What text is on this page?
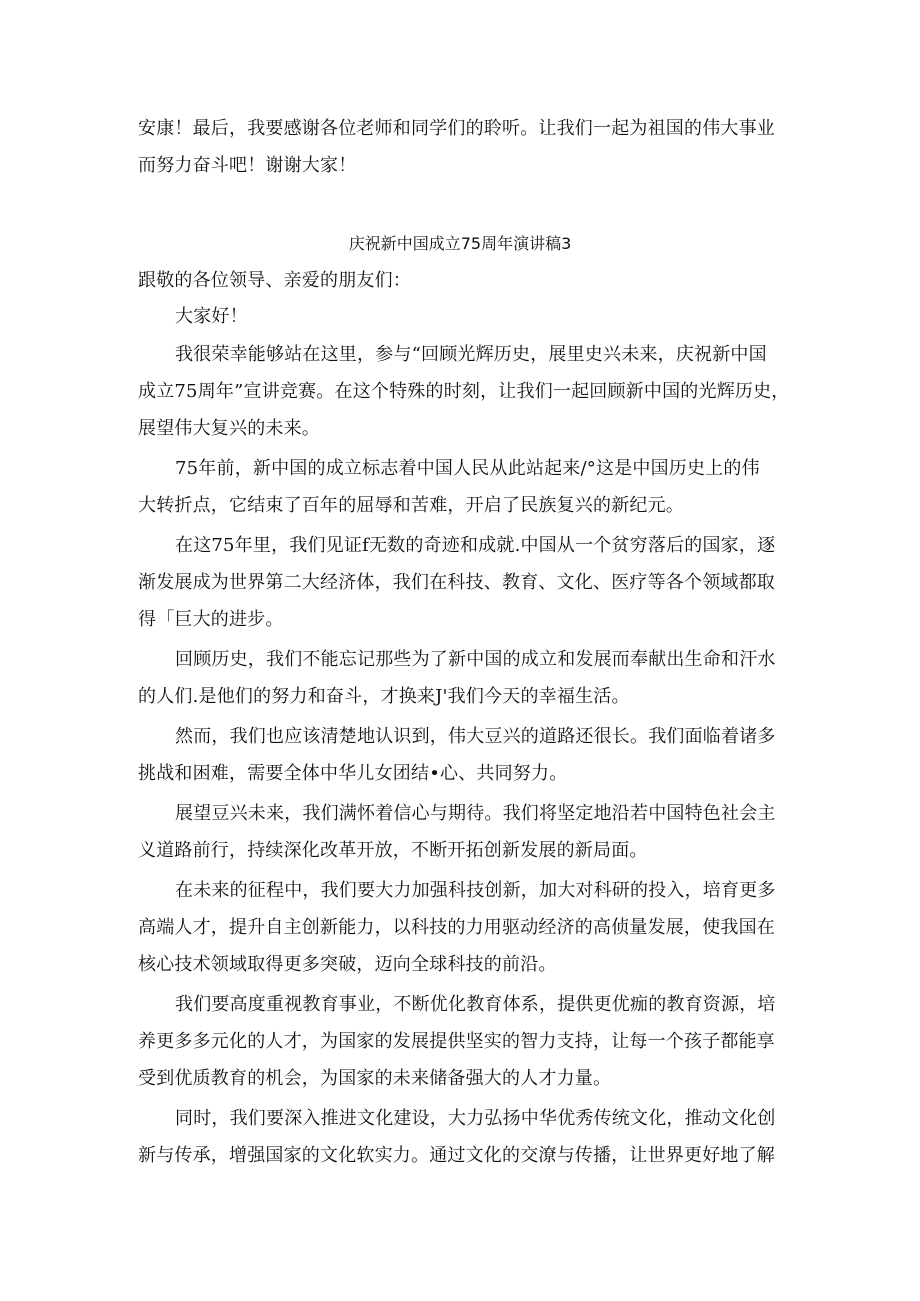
安康！最后，我要感谢各位老师和同学们的聆听。让我们一起为祖国的伟大事业
而努力奋斗吧！谢谢大家！
庆祝新中国成立75周年演讲稿3
跟敬的各位领导、亲爱的朋友们：
大家好！
我很荣幸能够站在这里，参与“回顾光辉历史，展里史兴未来，庆祝新中国
成立75周年”宣讲竞赛。在这个特殊的时刻，让我们一起回顾新中国的光辉历史，
展望伟大复兴的未来。
75年前，新中国的成立标志着中国人民从此站起来/°这是中国历史上的伟
大转折点，它结束了百年的屈辱和苦难，开启了民族复兴的新纪元。
在这75年里，我们见证f无数的奇迹和成就.中国从一个贫穷落后的国家，逐
渐发展成为世界第二大经济体，我们在科技、教育、文化、医疗等各个领域都取
得「巨大的进步。
回顾历史，我们不能忘记那些为了新中国的成立和发展而奉献出生命和汗水
的人们.是他们的努力和奋斗，才换来J'我们今天的幸福生活。
然而，我们也应该清楚地认识到，伟大豆兴的道路还很长。我们面临着诸多
挑战和困难，需要全体中华儿女团结•心、共同努力。
展望豆兴未来，我们满怀着信心与期待。我们将坚定地沿若中国特色社会主
义道路前行，持续深化改革开放，不断开拓创新发展的新局面。
在未来的征程中，我们要大力加强科技创新，加大对科研的投入，培育更多
高端人才，提升自主创新能力，以科技的力用驱动经济的高侦量发展，使我国在
核心技术领域取得更多突破，迈向全球科技的前沿。
我们要高度重视教育事业，不断优化教育体系，提供更优痂的教育资源，培
养更多多元化的人才，为国家的发展提供坚实的智力支持，让每一个孩子都能享
受到优质教育的机会，为国家的未来储备强大的人才力量。
同时，我们要深入推进文化建设，大力弘扬中华优秀传统文化，推动文化创
新与传承，增强国家的文化软实力。通过文化的交潦与传播，让世界更好地了解
